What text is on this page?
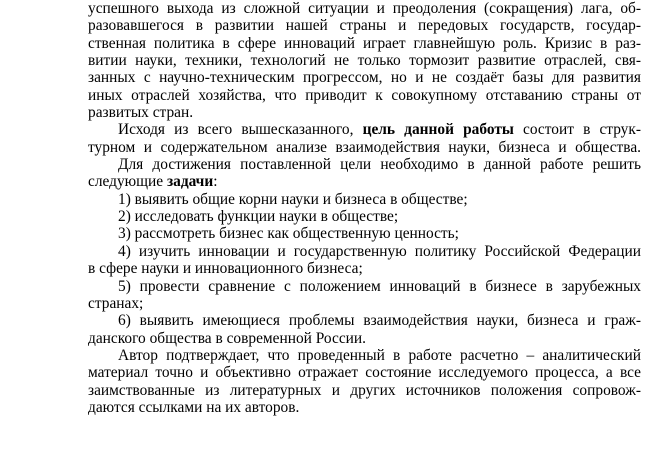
успешного выхода из сложной ситуации и преодоления (сокращения) лага, об-
разовавшегося в развитии нашей страны и передовых государств, государ-
ственная политика в сфере инноваций играет главнейшую роль. Кризис в раз-
витии науки, техники, технологий не только тормозит развитие отраслей, свя-
занных с научно-техническим прогрессом, но и не создаёт базы для развития
иных отраслей хозяйства, что приводит к совокупному отставанию страны от
развитых стран.
Исходя из всего вышесказанного, цель данной работы состоит в струк-
турном и содержательном анализе взаимодействия науки, бизнеса и общества.
Для достижения поставленной цели необходимо в данной работе решить
следующие задачи:
1) выявить общие корни науки и бизнеса в обществе;
2) исследовать функции науки в обществе;
3) рассмотреть бизнес как общественную ценность;
4) изучить инновации и государственную политику Российской Федерации
в сфере науки и инновационного бизнеса;
5) провести сравнение с положением инноваций в бизнесе в зарубежных
странах;
6) выявить имеющиеся проблемы взаимодействия науки, бизнеса и граж-
данского общества в современной России.
Автор подтверждает, что проведенный в работе расчетно – аналитический
материал точно и объективно отражает состояние исследуемого процесса, а все
заимствованные из литературных и других источников положения сопровож-
даются ссылками на их авторов.
